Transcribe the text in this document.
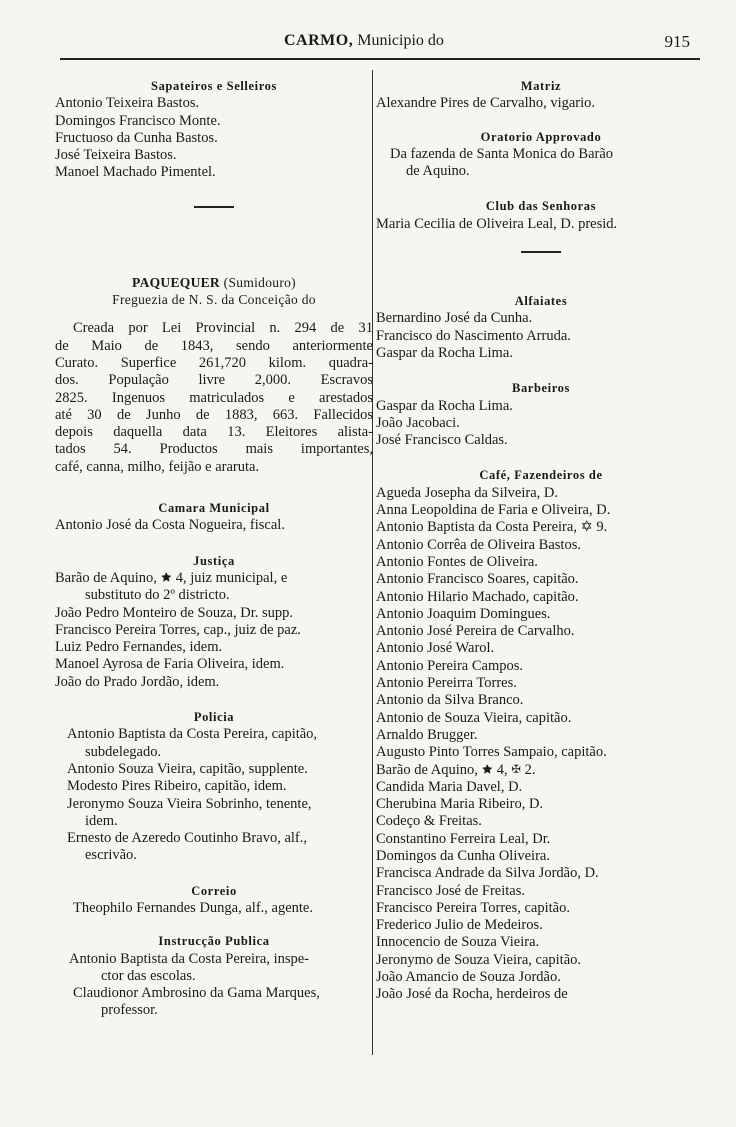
CARMO, Municipio do	915
Sapateiros e Selleiros
Antonio Teixeira Bastos.
Domingos Francisco Monte.
Fructuoso da Cunha Bastos.
José Teixeira Bastos.
Manoel Machado Pimentel.
PAQUEQUER (Sumidouro)
Freguezia de N. S. da Conceição do
Creada por Lei Provincial n. 294 de 31
de Maio de 1843, sendo anteriormente
Curato. Superfice 261,720 kilom. quadra-
dos. População livre 2,000. Escravos
2825. Ingenuos matriculados e arestados
até 30 de Junho de 1883, 663. Fallecidos
depois daquella data 13. Eleitores alista-
tados 54. Productos mais importantes,
café, canna, milho, feijão e araruta.
Camara Municipal
Antonio José da Costa Nogueira, fiscal.
Justiça
Barão de Aquino, 🟊 4, juiz municipal, e
substituto do 2º districto.
João Pedro Monteiro de Souza, Dr. supp.
Francisco Pereira Torres, cap., juiz de paz.
Luiz Pedro Fernandes, idem.
Manoel Ayrosa de Faria Oliveira, idem.
João do Prado Jordão, idem.
Policia
Antonio Baptista da Costa Pereira, capitão,
subdelegado.
Antonio Souza Vieira, capitão, supplente.
Modesto Pires Ribeiro, capitão, idem.
Jeronymo Souza Vieira Sobrinho, tenente,
idem.
Ernesto de Azeredo Coutinho Bravo, alf.,
escrivão.
Correio
Theophilo Fernandes Dunga, alf., agente.
Instrucção Publica
Antonio Baptista da Costa Pereira, inspe-
ctor das escolas.
Claudionor Ambrosino da Gama Marques,
professor.
Matriz
Alexandre Pires de Carvalho, vigario.
Oratorio Approvado
Da fazenda de Santa Monica do Barão
de Aquino.
Club das Senhoras
Maria Cecilia de Oliveira Leal, D. presid.
Alfaiates
Bernardino José da Cunha.
Francisco do Nascimento Arruda.
Gaspar da Rocha Lima.
Barbeiros
Gaspar da Rocha Lima.
João Jacobaci.
José Francisco Caldas.
Café, Fazendeiros de
Agueda Josepha da Silveira, D.
Anna Leopoldina de Faria e Oliveira, D.
Antonio Baptista da Costa Pereira, ✡ 9.
Antonio Corrêa de Oliveira Bastos.
Antonio Fontes de Oliveira.
Antonio Francisco Soares, capitão.
Antonio Hilario Machado, capitão.
Antonio Joaquim Domingues.
Antonio José Pereira de Carvalho.
Antonio José Warol.
Antonio Pereira Campos.
Antonio Pereirra Torres.
Antonio da Silva Branco.
Antonio de Souza Vieira, capitão.
Arnaldo Brugger.
Augusto Pinto Torres Sampaio, capitão.
Barão de Aquino, 🟊 4, ✠ 2.
Candida Maria Davel, D.
Cherubina Maria Ribeiro, D.
Codeço & Freitas.
Constantino Ferreira Leal, Dr.
Domingos da Cunha Oliveira.
Francisca Andrade da Silva Jordão, D.
Francisco José de Freitas.
Francisco Pereira Torres, capitão.
Frederico Julio de Medeiros.
Innocencio de Souza Vieira.
Jeronymo de Souza Vieira, capitão.
João Amancio de Souza Jordão.
João José da Rocha, herdeiros de
